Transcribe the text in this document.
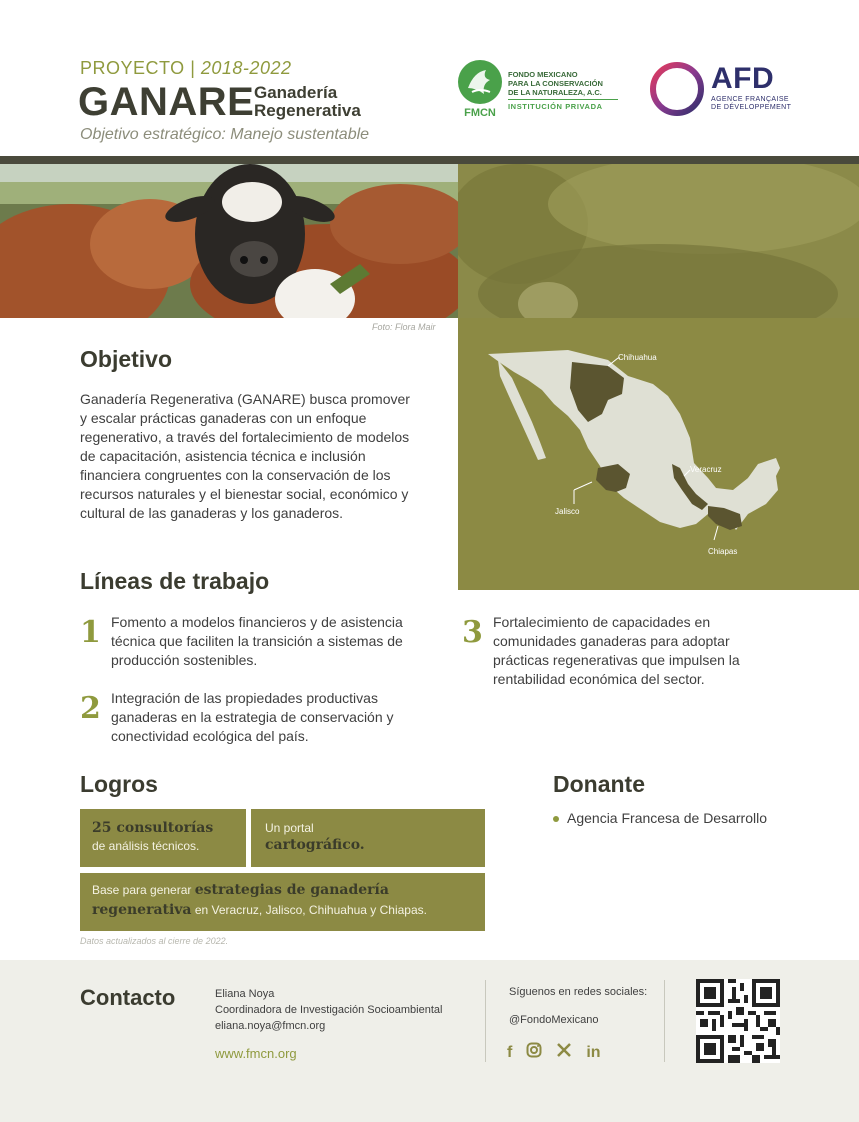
PROYECTO | 2018-2022
GANARE Ganadería
Regenerativa
Objetivo estratégico: Manejo sustentable
FMCN
FONDO MEXICANO
PARA LA CONSERVACIÓN
DE LA NATURALEZA, A.C.
INSTITUCIÓN PRIVADA
AFD
AGENCE FRANÇAISE
DE DÉVELOPPEMENT
Foto: Flora Mair
Chihuahua
Veracruz
Jalisco
Chiapas
Objetivo
Ganadería Regenerativa (GANARE) busca promover y escalar prácticas ganaderas con un enfoque regenerativo, a través del fortalecimiento de modelos de capacitación, asistencia técnica e inclusión financiera congruentes con la conservación de los recursos naturales y el bienestar social, económico y cultural de las ganaderas y los ganaderos.
Líneas de trabajo
1 Fomento a modelos financieros y de asistencia técnica que faciliten la transición a sistemas de producción sostenibles.
2 Integración de las propiedades productivas ganaderas en la estrategia de conservación y conectividad ecológica del país.
3 Fortalecimiento de capacidades en comunidades ganaderas para adoptar prácticas regenerativas que impulsen la rentabilidad económica del sector.
Logros
25 consultorías
de análisis técnicos.
Un portal
cartográfico.
Base para generar estrategias de ganadería
regenerativa en Veracruz, Jalisco, Chihuahua y Chiapas.
Datos actualizados al cierre de 2022.
Donante
Agencia Francesa de Desarrollo
Contacto	Eliana Noya
Coordinadora de Investigación Socioambiental
eliana.noya@fmcn.org
www.fmcn.org
Síguenos en redes sociales:
@FondoMexicano
f	in
